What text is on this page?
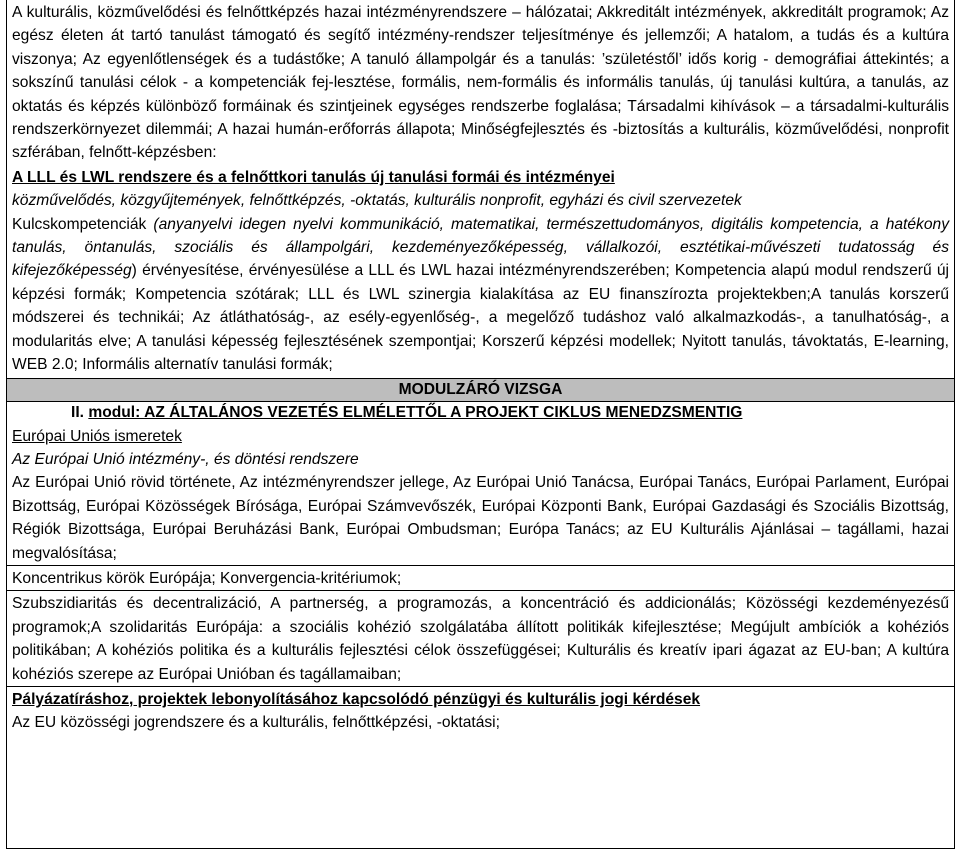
A kulturális, közművelődési és felnőttképzés hazai intézményrendszere – hálózatai; Akkreditált intézmények, akkreditált programok; Az egész életen át tartó tanulást támogató és segítő intézmény-rendszer teljesítménye és jellemzői; A hatalom, a tudás és a kultúra viszonya; Az egyenlőtlenségek és a tudástőke; A tanuló állampolgár és a tanulás: ’születéstől’ idős korig - demográfiai áttekintés; a sokszínű tanulási célok - a kompetenciák fej-lesztése, formális, nem-formális és informális tanulás, új tanulási kultúra, a tanulás, az oktatás és képzés különböző formáinak és szintjeinek egységes rendszerbe foglalása; Társadalmi kihívások – a társadalmi-kulturális rendszerkörnyezet dilemmái; A hazai humán-erőforrás állapota; Minőségfejlesztés és -biztosítás a kulturális, közművelődési, nonprofit szférában, felnőtt-képzésben:

A LLL és LWL rendszere és a felnőttkori tanulás új tanulási formái és intézményei

közművelődés, közgyűjtemények, felnőttképzés, -oktatás, kulturális nonprofit, egyházi és civil szervezetek

Kulcskompetenciák (anyanyelvi idegen nyelvi kommunikáció, matematikai, természettudományos, digitális kompetencia, a hatékony tanulás, öntanulás, szociális és állampolgári, kezdeményezőképesség, vállalkozói, esztétikai-művészeti tudatosság és kifejezőképesség) érvényesítése, érvényesülése a LLL és LWL hazai intézményrendszerében; Kompetencia alapú modul rendszerű új képzési formák; Kompetencia szótárak; LLL és LWL szinergia kialakítása az EU finanszírozta projektekben;A tanulás korszerű módszerei és technikái; Az átláthatóság-, az esély-egyenlőség-, a megelőző tudáshoz való alkalmazkodás-, a tanulhatóság-, a modularitás elve; A tanulási képesség fejlesztésének szempontjai; Korszerű képzési modellek; Nyitott tanulás, távoktatás, E-learning, WEB 2.0; Informális alternatív tanulási formák;

MODULZÁRÓ VIZSGA
II. modul: AZ ÁLTALÁNOS VEZETÉS ELMÉLETTŐL A PROJEKT CIKLUS MENEDZSMENTIG

Európai Uniós ismeretek

Az Európai Unió intézmény-, és döntési rendszere

Az Európai Unió rövid története, Az intézményrendszer jellege, Az Európai Unió Tanácsa, Európai Tanács, Európai Parlament, Európai Bizottság, Európai Közösségek Bírósága, Európai Számvevőszék, Európai Központi Bank, Európai Gazdasági és Szociális Bizottság, Régiók Bizottsága, Európai Beruházási Bank, Európai Ombudsman; Európa Tanács; az EU Kulturális Ajánlásai – tagállami, hazai megvalósítása;

Koncentrikus körök Európája; Konvergencia-kritériumok;

Szubszidiaritás és decentralizáció, A partnerség, a programozás, a koncentráció és addicionálás; Közösségi kezdeményezésű programok;A szolidaritás Európája: a szociális kohézió szolgálatába állított politikák kifejlesztése; Megújult ambíciók a kohéziós politikában; A kohéziós politika és a kulturális fejlesztési célok összefüggései; Kulturális és kreatív ipari ágazat az EU-ban; A kultúra kohéziós szerepe az Európai Unióban és tagállamaiban;

Pályázatíráshoz, projektek lebonyolításához kapcsolódó pénzügyi és kulturális jogi kérdések

Az EU közösségi jogrendszere és a kulturális, felnőttképzési, -oktatási;
